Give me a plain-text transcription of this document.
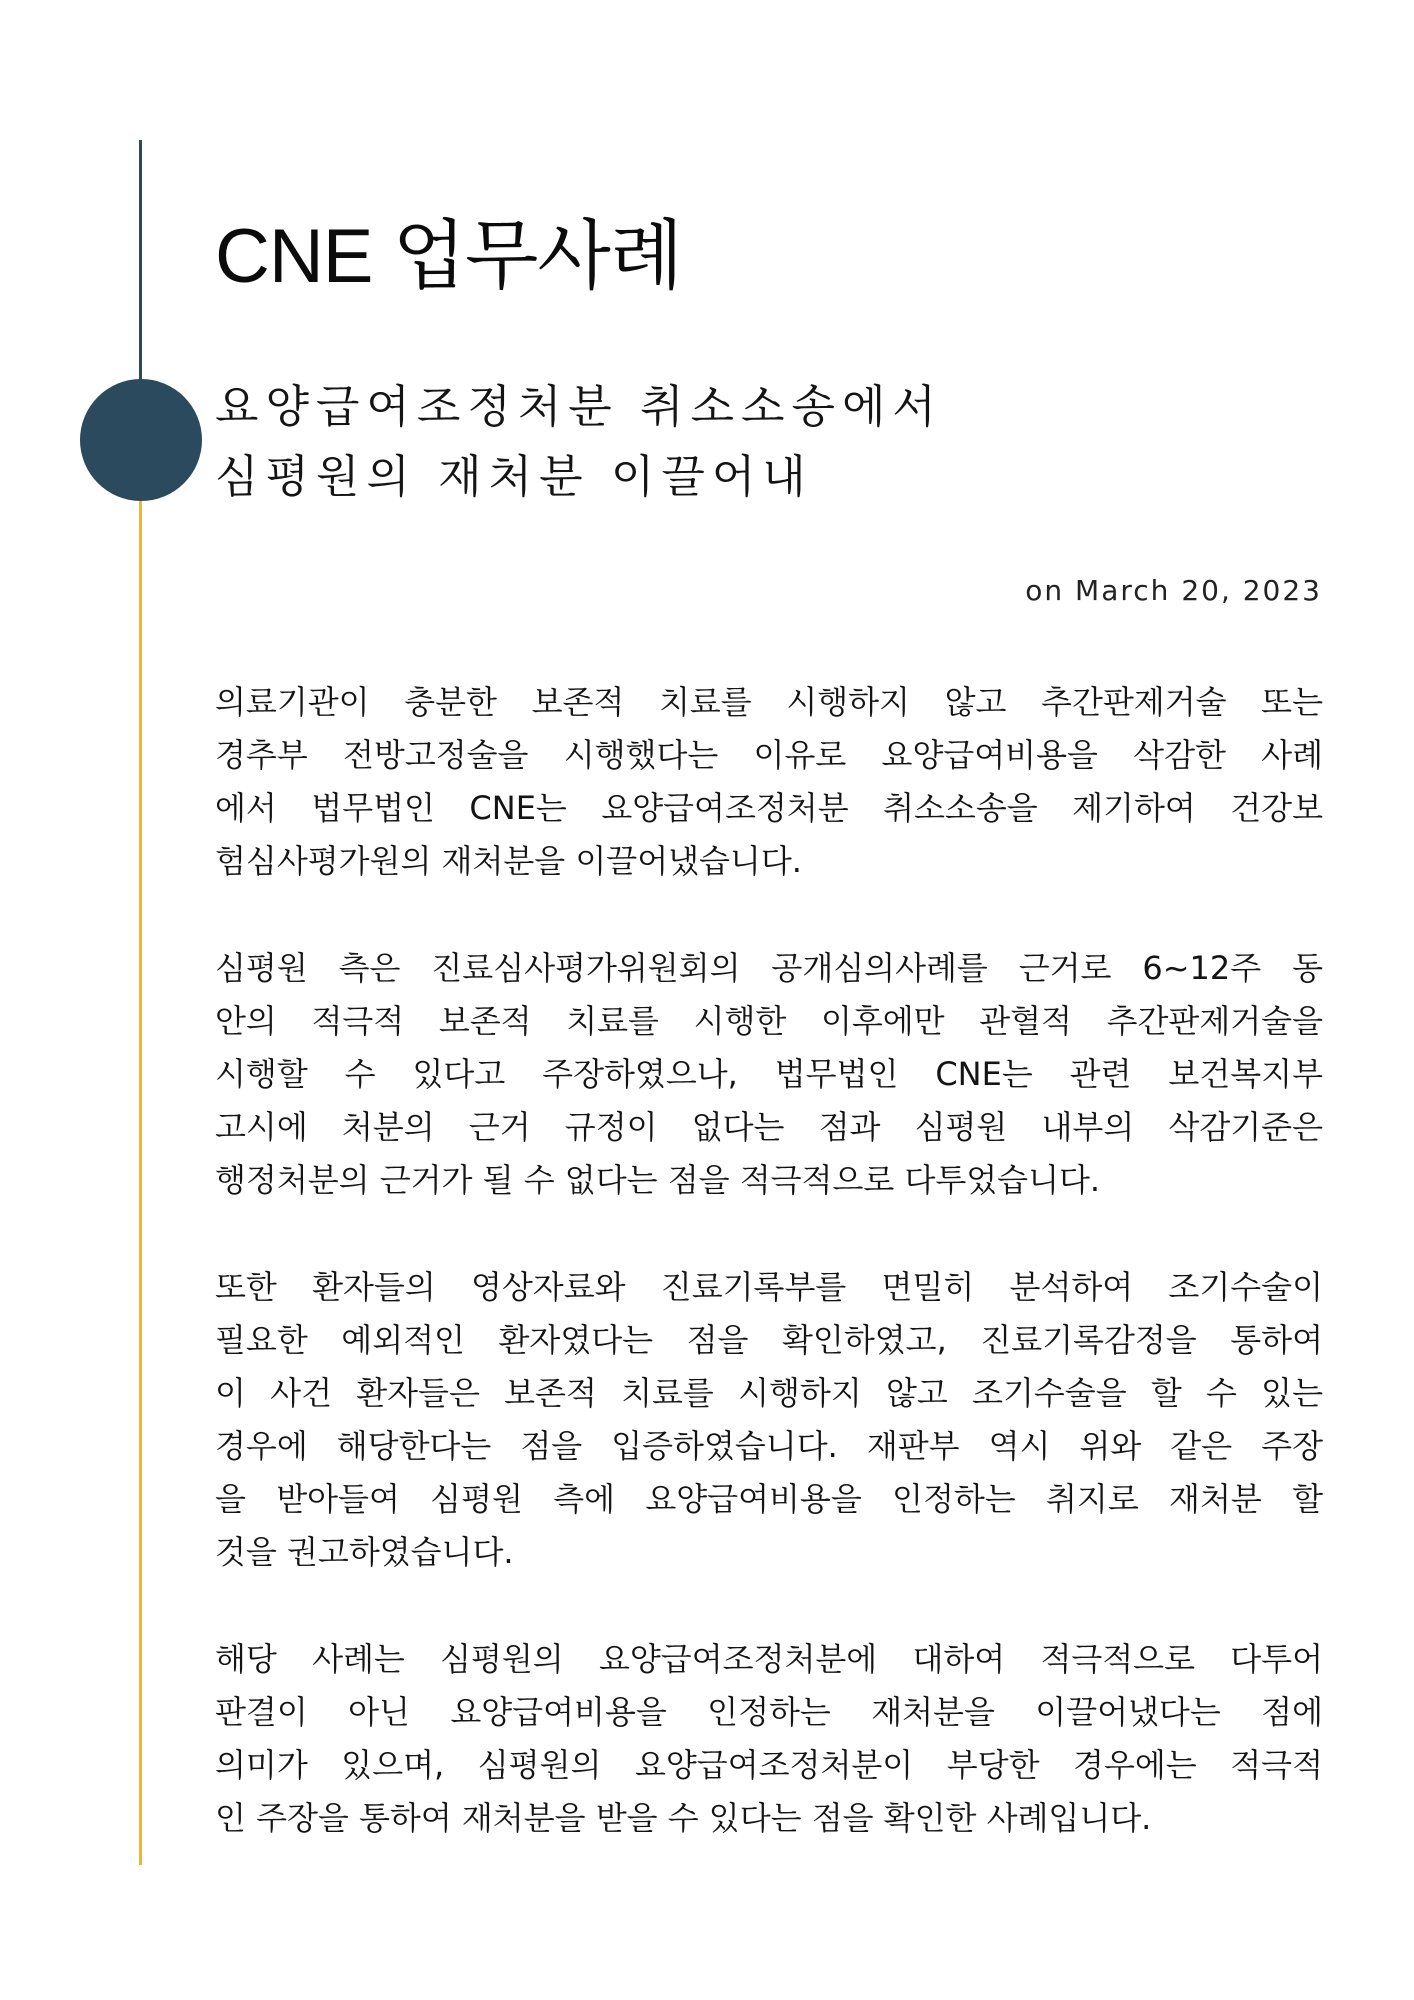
CNE 업무사례
요양급여조정처분 취소소송에서
심평원의 재처분 이끌어내
on March 20, 2023

의료기관이 충분한 보존적 치료를 시행하지 않고 추간판제거술 또는
경추부 전방고정술을 시행했다는 이유로 요양급여비용을 삭감한 사례
에서 법무법인 CNE는 요양급여조정처분 취소소송을 제기하여 건강보
험심사평가원의 재처분을 이끌어냈습니다.

심평원 측은 진료심사평가위원회의 공개심의사례를 근거로 6~12주 동
안의 적극적 보존적 치료를 시행한 이후에만 관혈적 추간판제거술을
시행할 수 있다고 주장하였으나, 법무법인 CNE는 관련 보건복지부
고시에 처분의 근거 규정이 없다는 점과 심평원 내부의 삭감기준은
행정처분의 근거가 될 수 없다는 점을 적극적으로 다투었습니다.

또한 환자들의 영상자료와 진료기록부를 면밀히 분석하여 조기수술이
필요한 예외적인 환자였다는 점을 확인하였고, 진료기록감정을 통하여
이 사건 환자들은 보존적 치료를 시행하지 않고 조기수술을 할 수 있는
경우에 해당한다는 점을 입증하였습니다. 재판부 역시 위와 같은 주장
을 받아들여 심평원 측에 요양급여비용을 인정하는 취지로 재처분 할
것을 권고하였습니다.

해당 사례는 심평원의 요양급여조정처분에 대하여 적극적으로 다투어
판결이 아닌 요양급여비용을 인정하는 재처분을 이끌어냈다는 점에
의미가 있으며, 심평원의 요양급여조정처분이 부당한 경우에는 적극적
인 주장을 통하여 재처분을 받을 수 있다는 점을 확인한 사례입니다.
